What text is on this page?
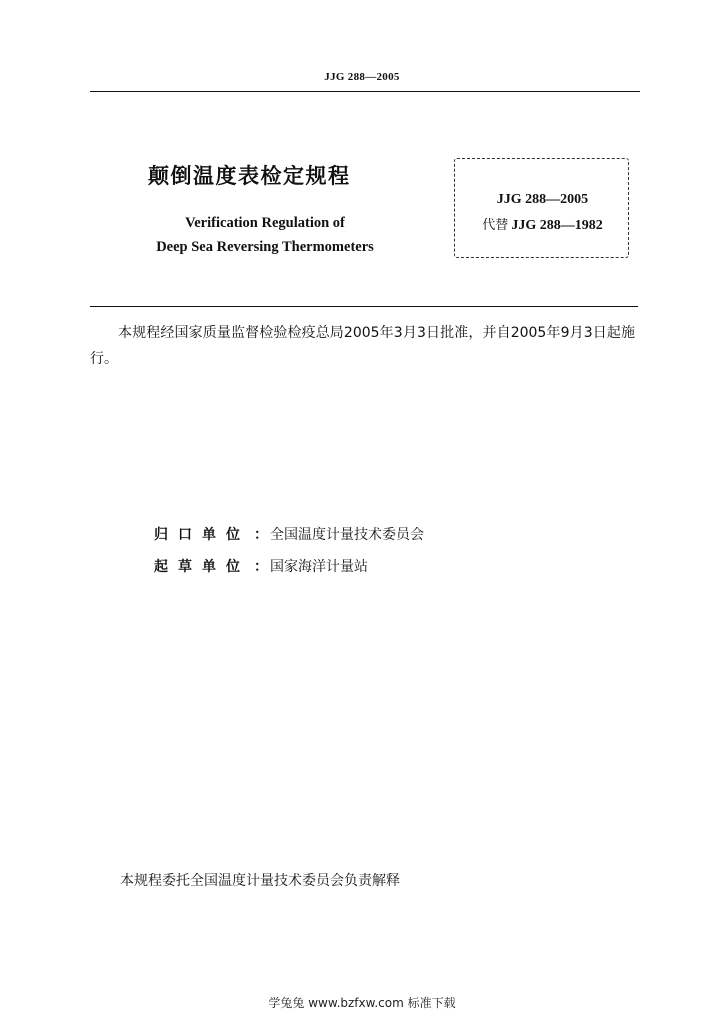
JJG 288—2005
颠倒温度表检定规程
Verification Regulation of
Deep Sea Reversing Thermometers
JJG 288—2005
代替 JJG 288—1982
本规程经国家质量监督检验检疫总局2005年3月3日批准，并自2005年9月3日起施行。
归口单位 ： 全国温度计量技术委员会
起草单位 ： 国家海洋计量站
本规程委托全国温度计量技术委员会负责解释
学兔兔 www.bzfxw.com 标准下载
